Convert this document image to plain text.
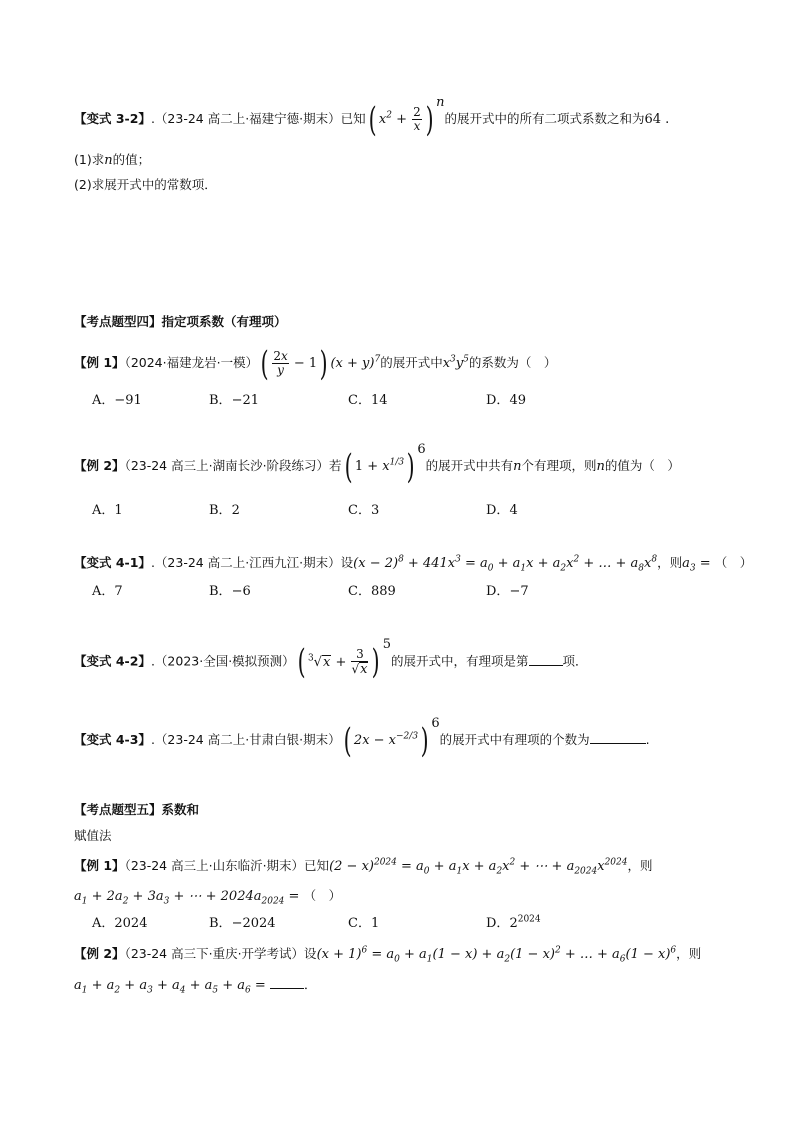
【变式 3-2】.（23-24 高二上·福建宁德·期末）已知( $x^2 + \frac{2}{x}$ ) $^n$的展开式中的所有二项式系数之和为64 .
(1)求n的值；
(2)求展开式中的常数项．
【考点题型四】指定项系数（有理项）
【例 1】（2024·福建龙岩·一模）( $\frac{2x}{y} - 1$) $(x + y)^7$的展开式中$x^3y^5$的系数为（　）
A．−91	B．−21	C．14	D．49
【例 2】（23-24 高三上·湖南长沙·阶段练习）若( $1 + x^{1/3}$) $^6$的展开式中共有n个有理项，则n的值为（　）
A．1	B．2	C．3	D．4
【变式 4-1】.（23-24 高二上·江西九江·期末）设$(x - 2)^8 + 441x^3 = a_0 + a_1x + a_2x^2$ + … + $a_8x^8$，则$a_3$ = （　）
A．7	B．−6	C．889	D．−7
【变式 4-2】.（2023·全国·模拟预测）( $^3√x + \frac{3}{√x}$ ) $^5$的展开式中，有理项是第	项．
【变式 4-3】.（23-24 高二上·甘肃白银·期末）( $2x - x^{-2/3}$) $^6$的展开式中有理项的个数为	.
【考点题型五】系数和
赋值法
【例 1】（23-24 高三上·山东临沂·期末）已知$(2 - x)^{2024} = a_0 + a_1x + a_2x^2$ + ⋯ + $a_{2024}x^{2024}$，则
$a_1 + 2a_2 + 3a_3$ + ⋯ + $2024a_{2024}$ = （　）
A．2024	B．−2024	C．1	D．$2^{2024}$
【例 2】（23-24 高三下·重庆·开学考试）设$(x + 1)^6 = a_0 + a_1(1 - x) + a_2(1 - x)^2$ + … + $a_6(1 - x)^6$，则
$a_1 + a_2 + a_3 + a_4 + a_5 + a_6$ =	．
